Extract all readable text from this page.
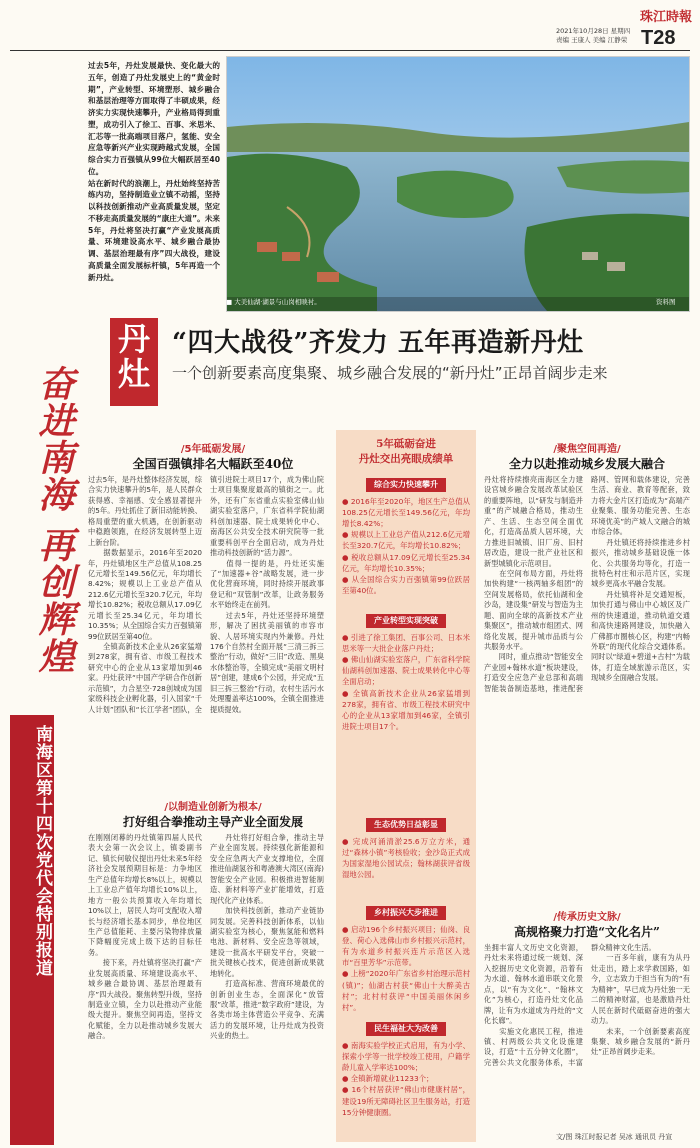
珠江時報
2021年10月28日 星期四
责编 王康人 美编 江静荣 T28
奋进南海 再创辉煌
南海区第十四次党代会特别报道
过去5年，丹灶发展最快、变化最大的五年，创造了丹灶发展史上的“黄金时期”，产业转型、环境塑形、城乡融合和基层治理等方面取得了丰硕成果，经济实力实现快速攀升，产业格局得到重塑，成功引入了徐工、百事、米思米、汇芯等一批高端项目落户，氢能、安全应急等新兴产业实现跨越式发展，全国综合实力百强镇从99位大幅跃居至40位。
站在新时代的浪潮上，丹灶始终坚持苦练内功，坚持制造业立镇不动摇，坚持以科技创新推动产业高质量发展，坚定不移走高质量发展的“康庄大道”。未来5年，丹灶将坚决打赢“产业发展高质量、环境建设高水平、城乡融合最协调、基层治理最有序”四大战役，建设高质量全面发展标杆镇，5年再造一个新丹灶。
■ 大美仙湖·湖景与山岗相映衬。	资料图
丹灶
“四大战役”齐发力 五年再造新丹灶
一个创新要素高度集聚、城乡融合发展的“新丹灶”正昂首阔步走来
/5年砥砺发展/
全国百强镇排名大幅跃至40位
过去5年，是丹灶整体经济发展，综合实力快速攀升的5年，是人民群众获得感、幸福感、安全感显著提升的5年。丹灶抓住了新旧动能转换、格局重塑的重大机遇，在创新驱动中稳跑领跑，在经济发展转型上迈上新台阶。
　　据数据显示，2016年至2020年，丹灶镇地区生产总值从108.25亿元增长至149.56亿元，年均增长8.42%；规模以上工业总产值从212.6亿元增长至320.7亿元，年均增长10.82%；税收总额从17.09亿元增长至25.34亿元，年均增长10.35%；从全国综合实力百强镇第99位跃居至第40位。
　　全镇高新技术企业从26家猛增到278家，拥有省、市级工程技术研究中心的企业从13家增加到46家。丹灶获评“中国产学研合作创新示范镇”，力合星空·728创城成为国家级科技企业孵化器，引入国家“千人计划”团队和“长江学者”团队，全镇引进院士项目17个，成为佛山院士项目集聚度最高的镇街之一。此外，还有广东省重点实验室佛山仙湖实验室落户，广东省科学院仙湖科创加速器、院士成果转化中心、南海区公共安全技术研究院等一批重要科创平台全面启动，成为丹灶推动科技创新的“活力源”。
　　值得一提的是，丹灶还实施了“加速器+谷”战略发展，进一步优化营商环境，同时持续开展政事登记和“双管制”改革，让政务服务水平始终走在前列。
　　过去5年，丹灶还坚持环境塑形，解决了困扰美丽镇的市容市貌、人居环境实现内外兼修。丹灶176个自然村全面开展“三清三拆三整治”行动，做好“三旧”改造、黑臭水体整治等，全镇完成“美丽文明村居”创建，建成6个公园，并完成“五旧三拆三整治”行动，农村生活污水处理覆盖率达100%，全镇全面推进提质提效。
/以制造业创新为根本/
打好组合拳推动主导产业全面发展
在刚刚闭幕的丹灶镇第四届人民代表大会第一次会议上，镇委副书记、镇长何敏仪提出丹灶未来5年经济社会发展预期目标是：力争地区生产总值年均增长8%以上，规模以上工业总产值年均增长10%以上，地方一般公共预算收入年均增长10%以上，居民人均可支配收入增长与经济增长基本同步，单位地区生产总值能耗、主要污染物排放量下降幅度完成上级下达的目标任务。
　　接下来，丹灶镇将坚决打赢“产业发展高质量、环境建设高水平、城乡融合最协调、基层治理最有序”四大战役。聚焦转型升级，坚持制造业立镇，全力以赴推动产业能级大提升。聚焦空间再造，坚持文化赋能，全力以赴推动城乡发展大融合。
　　丹灶将打好组合拳，推动主导产业全面发展。持续强化新能源和安全应急两大产业支撑地位，全面推进仙湖氢谷和粤港澳大湾区(南海)智能安全产业园。积极推进智能制造、新材料等产业扩能增效，打造现代化产业体系。
　　加快科技创新，推动产业链协同发展。完善科技创新体系，以仙湖实验室为核心，聚焦氢能和燃料电池、新材料、安全应急等领域，建设一批高水平研发平台，突破一批关键核心技术，促进创新成果就地转化。
　　打造高标准、营商环境最优的创新创业生态，全面深化“放管服”改革，推进“数字政府”建设，为各类市场主体营造公平竞争、充满活力的发展环境，让丹灶成为投资兴业的热土。
5年砥砺奋进
丹灶交出亮眼成绩单
综合实力快速攀升
● 2016年至2020年，地区生产总值从108.25亿元增长至149.56亿元，年均增长8.42%；
● 规模以上工业总产值从212.6亿元增长至320.7亿元，年均增长10.82%；
● 税收总额从17.09亿元增长至25.34亿元，年均增长10.35%；
● 从全国综合实力百强镇第99位跃居至第40位。
产业转型实现突破
● 引进了徐工集团、百事公司、日本米思米等一大批企业落户丹灶；
● 佛山仙湖实验室落户，广东省科学院仙湖科创加速器、院士成果转化中心等全面启动；
● 全镇高新技术企业从26家猛增到278家，拥有省、市级工程技术研究中心的企业从13家增加到46家，全镇引进院士项目17个。
生态优势日益彰显
● 完成河涌清淤25.6万立方米，通过“森林小镇”考核验收；金沙岛正式成为国家湿地公园试点；翰林湖获评省级湿地公园。
乡村振兴大步推进
● 启动196个乡村振兴项目；仙岗、良登、荷心入选佛山市乡村振兴示范村，有为水道乡村振兴连片示范区入选市“百里芳华”示范带。
● 上榜“2020年广东省乡村治理示范村(镇)”；仙湖古村获“佛山十大醉美古村”；北村村获评“中国美丽休闲乡村”。
民生福祉大为改善
● 南海实验学校正式启用，有为小学、探索小学等一批学校竣工使用，户籍学龄儿童入学率达100%；
● 全镇新增就业11233个；
● 16个村居获评“佛山市健康村居”，建设19所无障碍社区卫生服务站，打造15分钟健康圈。
/聚焦空间再造/
全力以赴推动城乡发展大融合
丹灶将持续擦亮南海区全力建设官城乡融合发展改革试验区的重要阵地，以“研发与制造并重”的产城融合格局，推动生产、生活、生态空间全面优化，打造高品质人居环境，大力推进旧城镇、旧厂房、旧村居改造，建设一批产业社区和新型城镇化示范项目。
　　在空间布局方面，丹灶将加快构建“一核两轴多组团”的空间发展格局，依托仙湖和金沙岛，建设集“研发与智造为主题、面向全球的高新技术产业集聚区”，推动城市组团式、网络化发展，提升城市品质与公共服务水平。
　　同时，重点推动“智能安全产业园+翰林水道”板块建设，打造安全应急产业总部和高端智能装备制造基地，推进配套路网、管网和载体建设，完善生活、商业、教育等配套，致力将大金片区打造成为“高端产业聚集、服务功能完善、生态环境优美”的产城人文融合的城市综合体。
　　丹灶镇还将持续推进乡村振兴，推动城乡基础设施一体化、公共服务均等化，打造一批特色村庄和示范片区，实现城乡更高水平融合发展。
　　丹灶镇将补足交通短板，加快打通与佛山中心城区及广州的快速通道，推动轨道交通和高快速路网建设，加快融入广佛都市圈核心区，构建“内畅外联”的现代化综合交通体系。同时以“绿道+碧道+古村”为载体，打造全域旅游示范区，实现城乡全面融合发展。
/传承历史文脉/
高规格聚力打造“文化名片”
坐拥丰富人文历史文化资源，丹灶未来将通过统一规划、深入挖掘历史文化资源，沿着有为水道、翰林水道串联文化景点，以“有为文化”、“翰林文化”为核心，打造丹灶文化品牌，让有为水道成为丹灶的“文化长廊”。
　　实施文化惠民工程，推进镇、村两级公共文化设施建设，打造“十五分钟文化圈”，完善公共文化服务体系，丰富群众精神文化生活。
　　一百多年前，康有为从丹灶走出，踏上求学救国路，如今，立志致力于担当有为的“有为精神”，早已成为丹灶独一无二的精神财富，也是激励丹灶人民在新时代砥砺奋进的强大动力。
　　未来，一个创新要素高度集聚、城乡融合发展的“新丹灶”正昂首阔步走来。
文/图 珠江时报记者 吴冰 通讯员 丹宣
